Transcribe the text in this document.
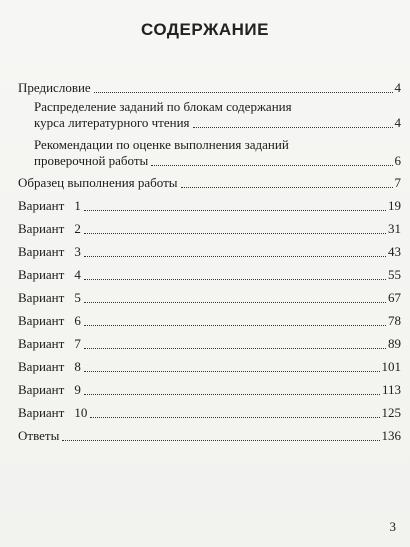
СОДЕРЖАНИЕ
Предисловие	4
Распределение заданий по блокам содержания
курса литературного чтения	4
Рекомендации по оценке выполнения заданий
проверочной работы	6
Образец выполнения работы	7
Вариант 1	19
Вариант 2	31
Вариант 3	43
Вариант 4	55
Вариант 5	67
Вариант 6	78
Вариант 7	89
Вариант 8	101
Вариант 9	113
Вариант 10	125
Ответы	136
3
